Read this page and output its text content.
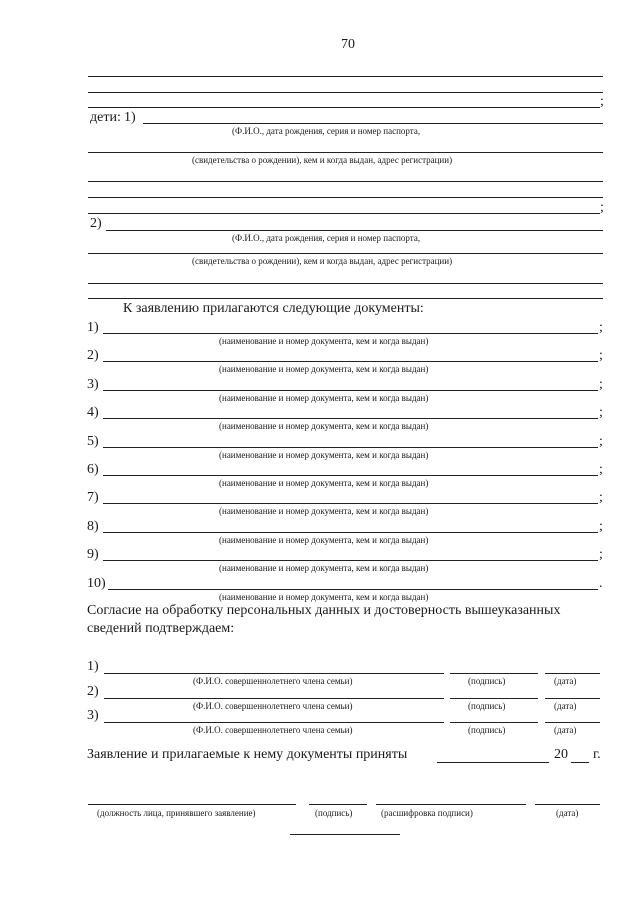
70
;
дети: 1)
(Ф.И.О., дата рождения, серия и номер паспорта,
(свидетельства о рождении), кем и когда выдан, адрес регистрации)
;
2)
(Ф.И.О., дата рождения, серия и номер паспорта,
(свидетельства о рождении), кем и когда выдан, адрес регистрации)
К заявлению прилагаются следующие документы:
1)	;
(наименование и номер документа, кем и когда выдан)
2)	;
(наименование и номер документа, кем и когда выдан)
3)	;
(наименование и номер документа, кем и когда выдан)
4)	;
(наименование и номер документа, кем и когда выдан)
5)	;
(наименование и номер документа, кем и когда выдан)
6)	;
(наименование и номер документа, кем и когда выдан)
7)	;
(наименование и номер документа, кем и когда выдан)
8)	;
(наименование и номер документа, кем и когда выдан)
9)	;
(наименование и номер документа, кем и когда выдан)
10)	.
(наименование и номер документа, кем и когда выдан)
Согласие на обработку персональных данных и достоверность вышеуказанных
сведений подтверждаем:
1)
(Ф.И.О. совершеннолетнего члена семьи)	(подпись)	(дата)
2)
(Ф.И.О. совершеннолетнего члена семьи)	(подпись)	(дата)
3)
(Ф.И.О. совершеннолетнего члена семьи)	(подпись)	(дата)
Заявление и прилагаемые к нему документы приняты	20 г.
(должность лица, принявшего заявление)	(подпись)	(расшифровка подписи)	(дата)
